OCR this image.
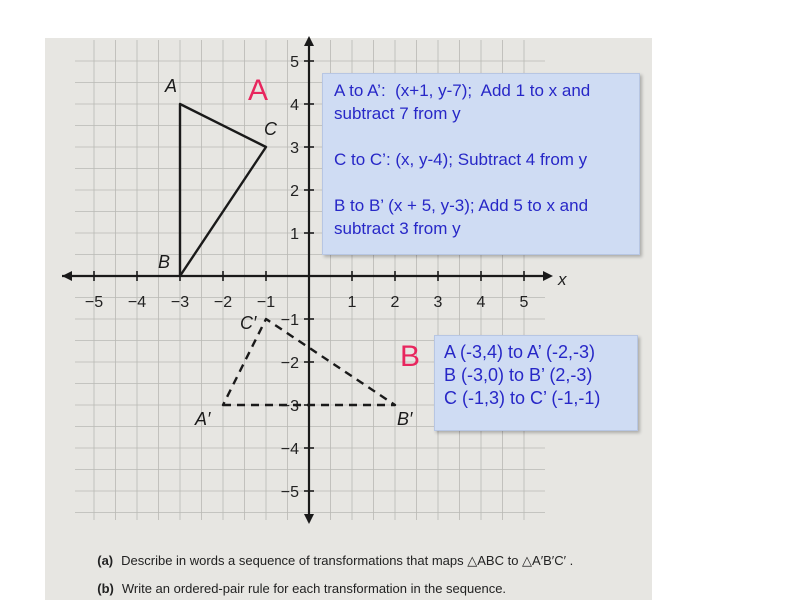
−5 −4 −3 −2 −1	1 2 3 4 5
x
5
4
3
2
1
−1
−2
−3
−4
−5
A
B
C
A′	B′
C′
A	A to A’:  (x+1, y-7);  Add 1 to x and subtract 7 from y

C to C’: (x, y-4); Subtract 4 from y

B to B’ (x + 5, y-3); Add 5 to x and subtract 3 from y

B A (-3,4) to A’ (-2,-3)
B (-3,0) to B’ (2,-3)
C (-1,3) to C’ (-1,-1)

(a) Describe in words a sequence of transformations that maps △ABC to △A′B′C′ .

(b) Write an ordered-pair rule for each transformation in the sequence.
